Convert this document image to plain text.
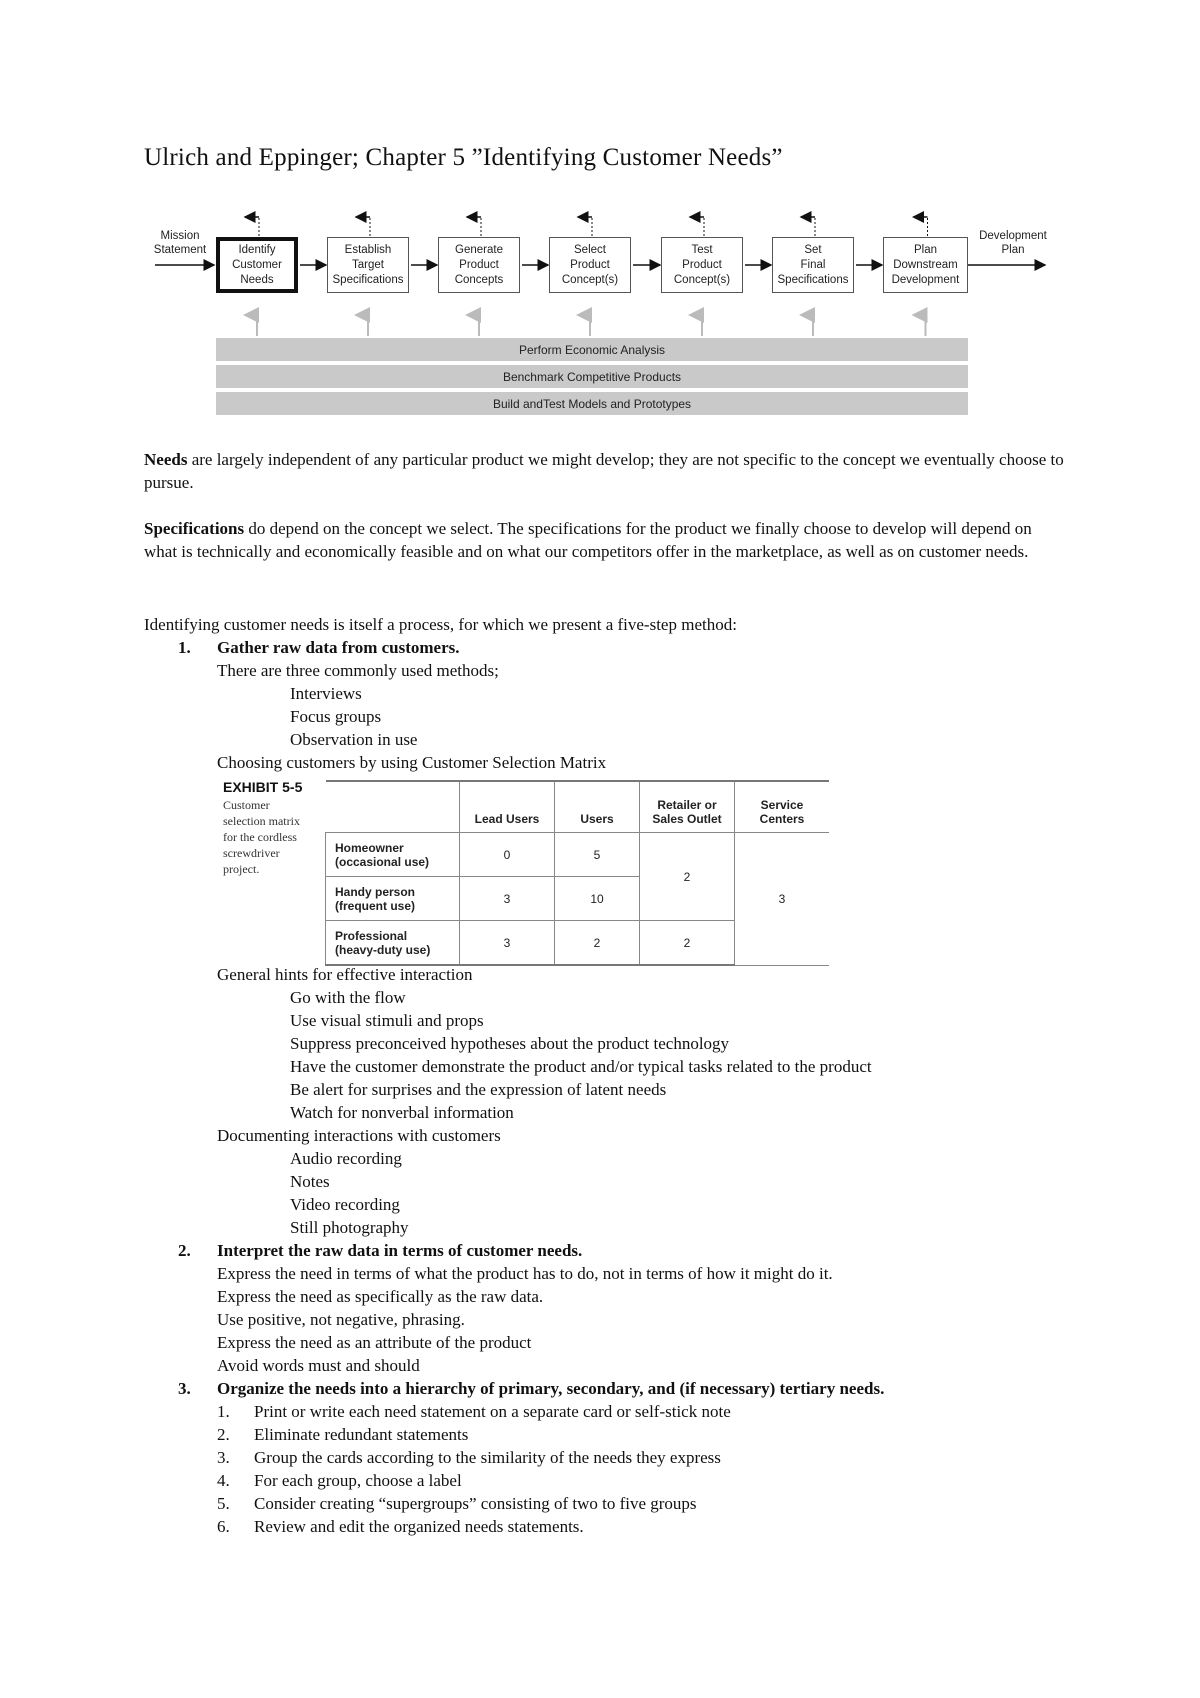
Ulrich and Eppinger; Chapter 5 ”Identifying Customer Needs”
Mission
Statement
Development
Plan
Identify
Customer
Needs
Establish
Target
Specifications
Generate
Product
Concepts
Select
Product
Concept(s)
Test
Product
Concept(s)
Set
Final
Specifications
Plan
Downstream
Development
Perform Economic Analysis
Benchmark Competitive Products
Build andTest Models and Prototypes

Needs are largely independent of any particular product we might develop; they are not specific to the concept we eventually choose to pursue.

Specifications do depend on the concept we select. The specifications for the product we finally choose to develop will depend on what is technically and economically feasible and on what our competitors offer in the marketplace, as well as on customer needs.

Identifying customer needs is itself a process, for which we present a five-step method:
1. Gather raw data from customers.
There are three commonly used methods;
Interviews
Focus groups
Observation in use
Choosing customers by using Customer Selection Matrix
EXHIBIT 5-5
Customer
selection matrix
for the cordless
screwdriver
project.
	Lead Users	Users	Retailer or
Sales Outlet	Service
Centers
Homeowner
(occasional use)	0	5	2	3
Handy person
(frequent use)	3	10		
Professional
(heavy-duty use)	3	2	2	
General hints for effective interaction
Go with the flow
Use visual stimuli and props
Suppress preconceived hypotheses about the product technology
Have the customer demonstrate the product and/or typical tasks related to the product
Be alert for surprises and the expression of latent needs
Watch for nonverbal information
Documenting interactions with customers
Audio recording
Notes
Video recording
Still photography
2. Interpret the raw data in terms of customer needs.
Express the need in terms of what the product has to do, not in terms of how it might do it.
Express the need as specifically as the raw data.
Use positive, not negative, phrasing.
Express the need as an attribute of the product
Avoid words must and should
3. Organize the needs into a hierarchy of primary, secondary, and (if necessary) tertiary needs.
1. Print or write each need statement on a separate card or self-stick note
2. Eliminate redundant statements
3. Group the cards according to the similarity of the needs they express
4. For each group, choose a label
5. Consider creating “supergroups” consisting of two to five groups
6. Review and edit the organized needs statements.
